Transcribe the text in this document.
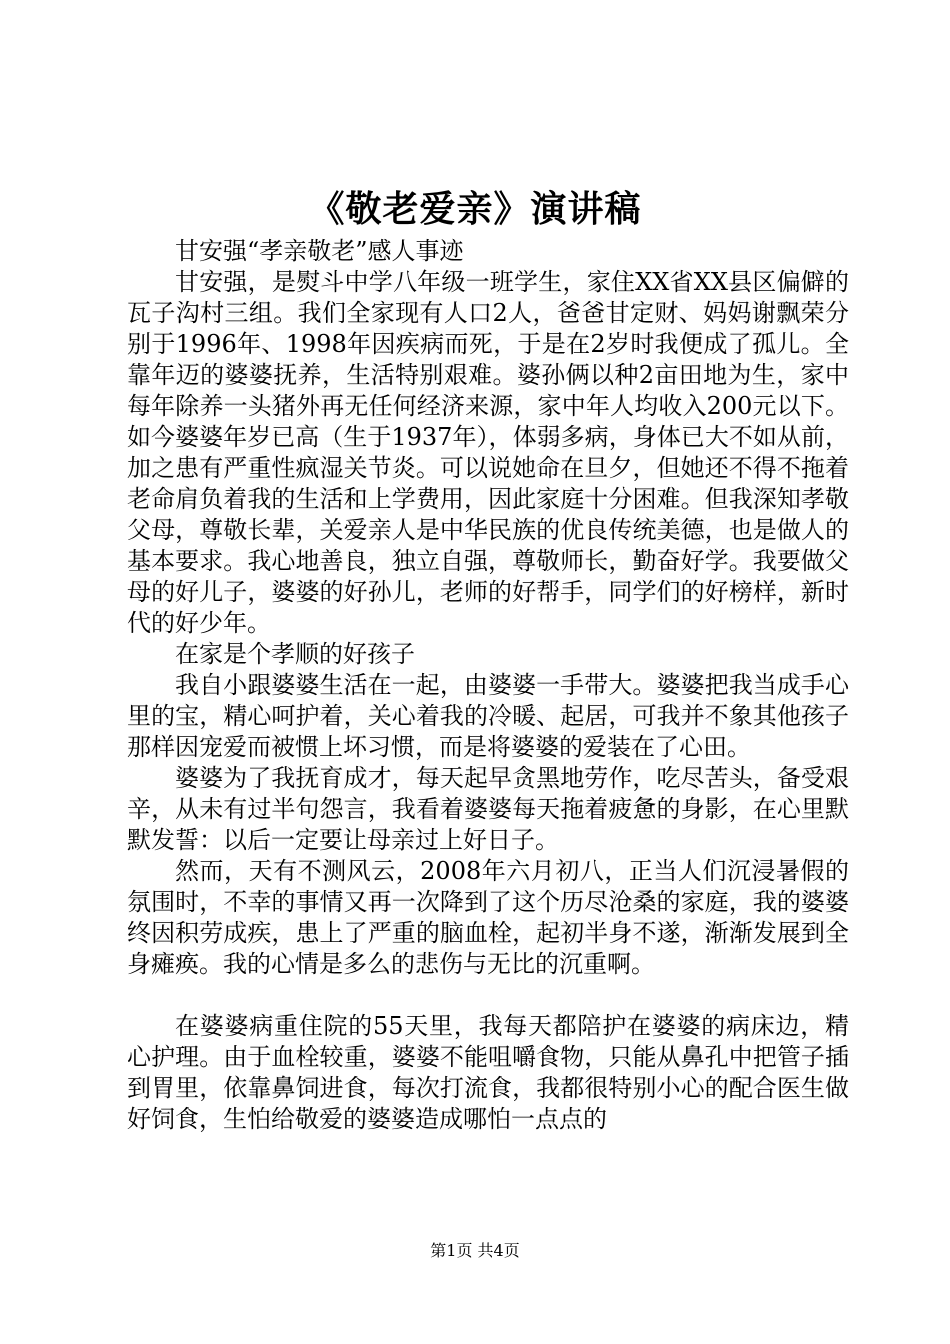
《敬老爱亲》演讲稿

甘安强“孝亲敬老”感人事迹

甘安强，是熨斗中学八年级一班学生，家住XX省XX县区偏僻的瓦子沟村三组。我们全家现有人口2人，爸爸甘定财、妈妈谢飘荣分别于1996年、1998年因疾病而死，于是在2岁时我便成了孤儿。全靠年迈的婆婆抚养，生活特别艰难。婆孙俩以种2亩田地为生，家中每年除养一头猪外再无任何经济来源，家中年人均收入200元以下。如今婆婆年岁已高（生于1937年），体弱多病，身体已大不如从前，加之患有严重性疯湿关节炎。可以说她命在旦夕，但她还不得不拖着老命肩负着我的生活和上学费用，因此家庭十分困难。但我深知孝敬父母，尊敬长辈，关爱亲人是中华民族的优良传统美德，也是做人的基本要求。我心地善良，独立自强，尊敬师长，勤奋好学。我要做父母的好儿子，婆婆的好孙儿，老师的好帮手，同学们的好榜样，新时代的好少年。

在家是个孝顺的好孩子

我自小跟婆婆生活在一起，由婆婆一手带大。婆婆把我当成手心里的宝，精心呵护着，关心着我的冷暖、起居，可我并不象其他孩子那样因宠爱而被惯上坏习惯，而是将婆婆的爱装在了心田。

婆婆为了我抚育成才，每天起早贪黑地劳作，吃尽苦头，备受艰辛，从未有过半句怨言，我看着婆婆每天拖着疲惫的身影，在心里默默发誓：以后一定要让母亲过上好日子。

然而，天有不测风云，2008年六月初八，正当人们沉浸暑假的氛围时，不幸的事情又再一次降到了这个历尽沧桑的家庭，我的婆婆终因积劳成疾，患上了严重的脑血栓，起初半身不遂，渐渐发展到全身瘫痪。我的心情是多么的悲伤与无比的沉重啊。

在婆婆病重住院的55天里，我每天都陪护在婆婆的病床边，精心护理。由于血栓较重，婆婆不能咀嚼食物，只能从鼻孔中把管子插到胃里，依靠鼻饲进食，每次打流食，我都很特别小心的配合医生做好饲食，生怕给敬爱的婆婆造成哪怕一点点的

第1页 共4页
